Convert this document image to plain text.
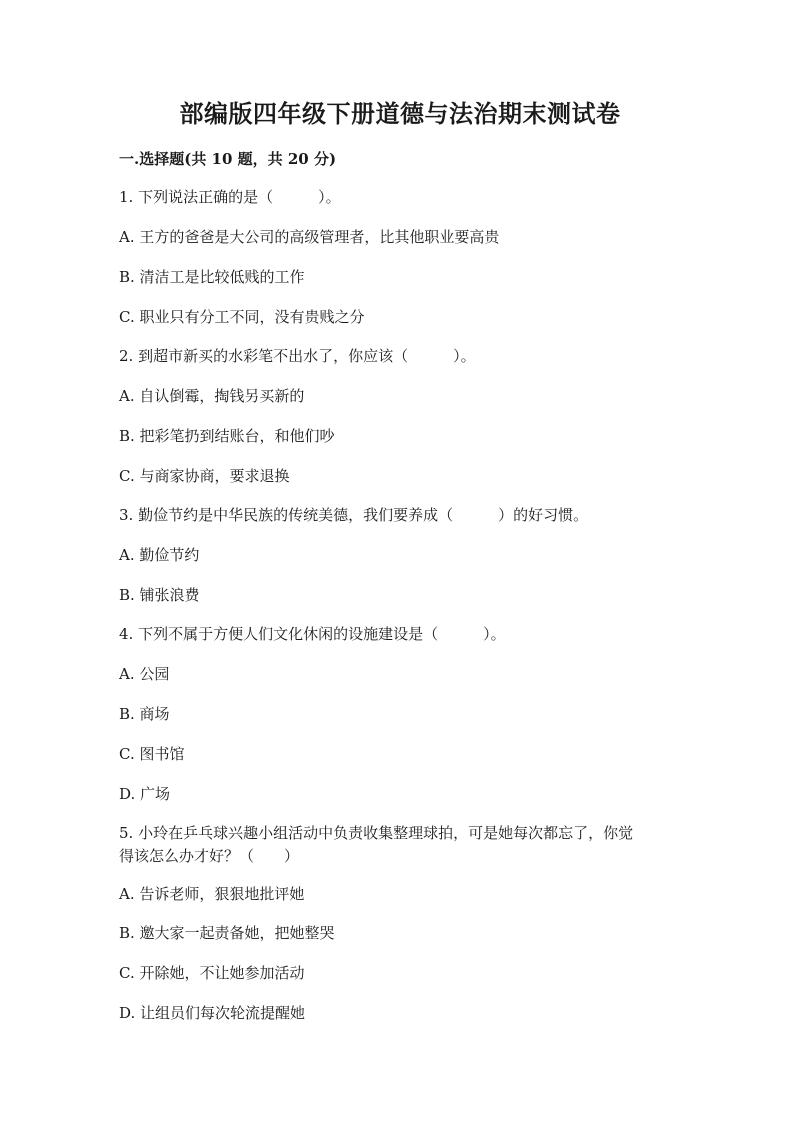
部编版四年级下册道德与法治期末测试卷
一.选择题(共 10 题，共 20 分)
1. 下列说法正确的是（　　　）。
A. 王方的爸爸是大公司的高级管理者，比其他职业要高贵
B. 清洁工是比较低贱的工作
C. 职业只有分工不同，没有贵贱之分
2. 到超市新买的水彩笔不出水了，你应该（　　　）。
A. 自认倒霉，掏钱另买新的
B. 把彩笔扔到结账台，和他们吵
C. 与商家协商，要求退换
3. 勤俭节约是中华民族的传统美德，我们要养成（　　　）的好习惯。
A. 勤俭节约
B. 铺张浪费
4. 下列不属于方便人们文化休闲的设施建设是（　　　）。
A. 公园
B. 商场
C. 图书馆
D. 广场
5. 小玲在乒乓球兴趣小组活动中负责收集整理球拍，可是她每次都忘了，你觉
得该怎么办才好？（　　）
A. 告诉老师，狠狠地批评她
B. 邀大家一起责备她，把她整哭
C. 开除她，不让她参加活动
D. 让组员们每次轮流提醒她
